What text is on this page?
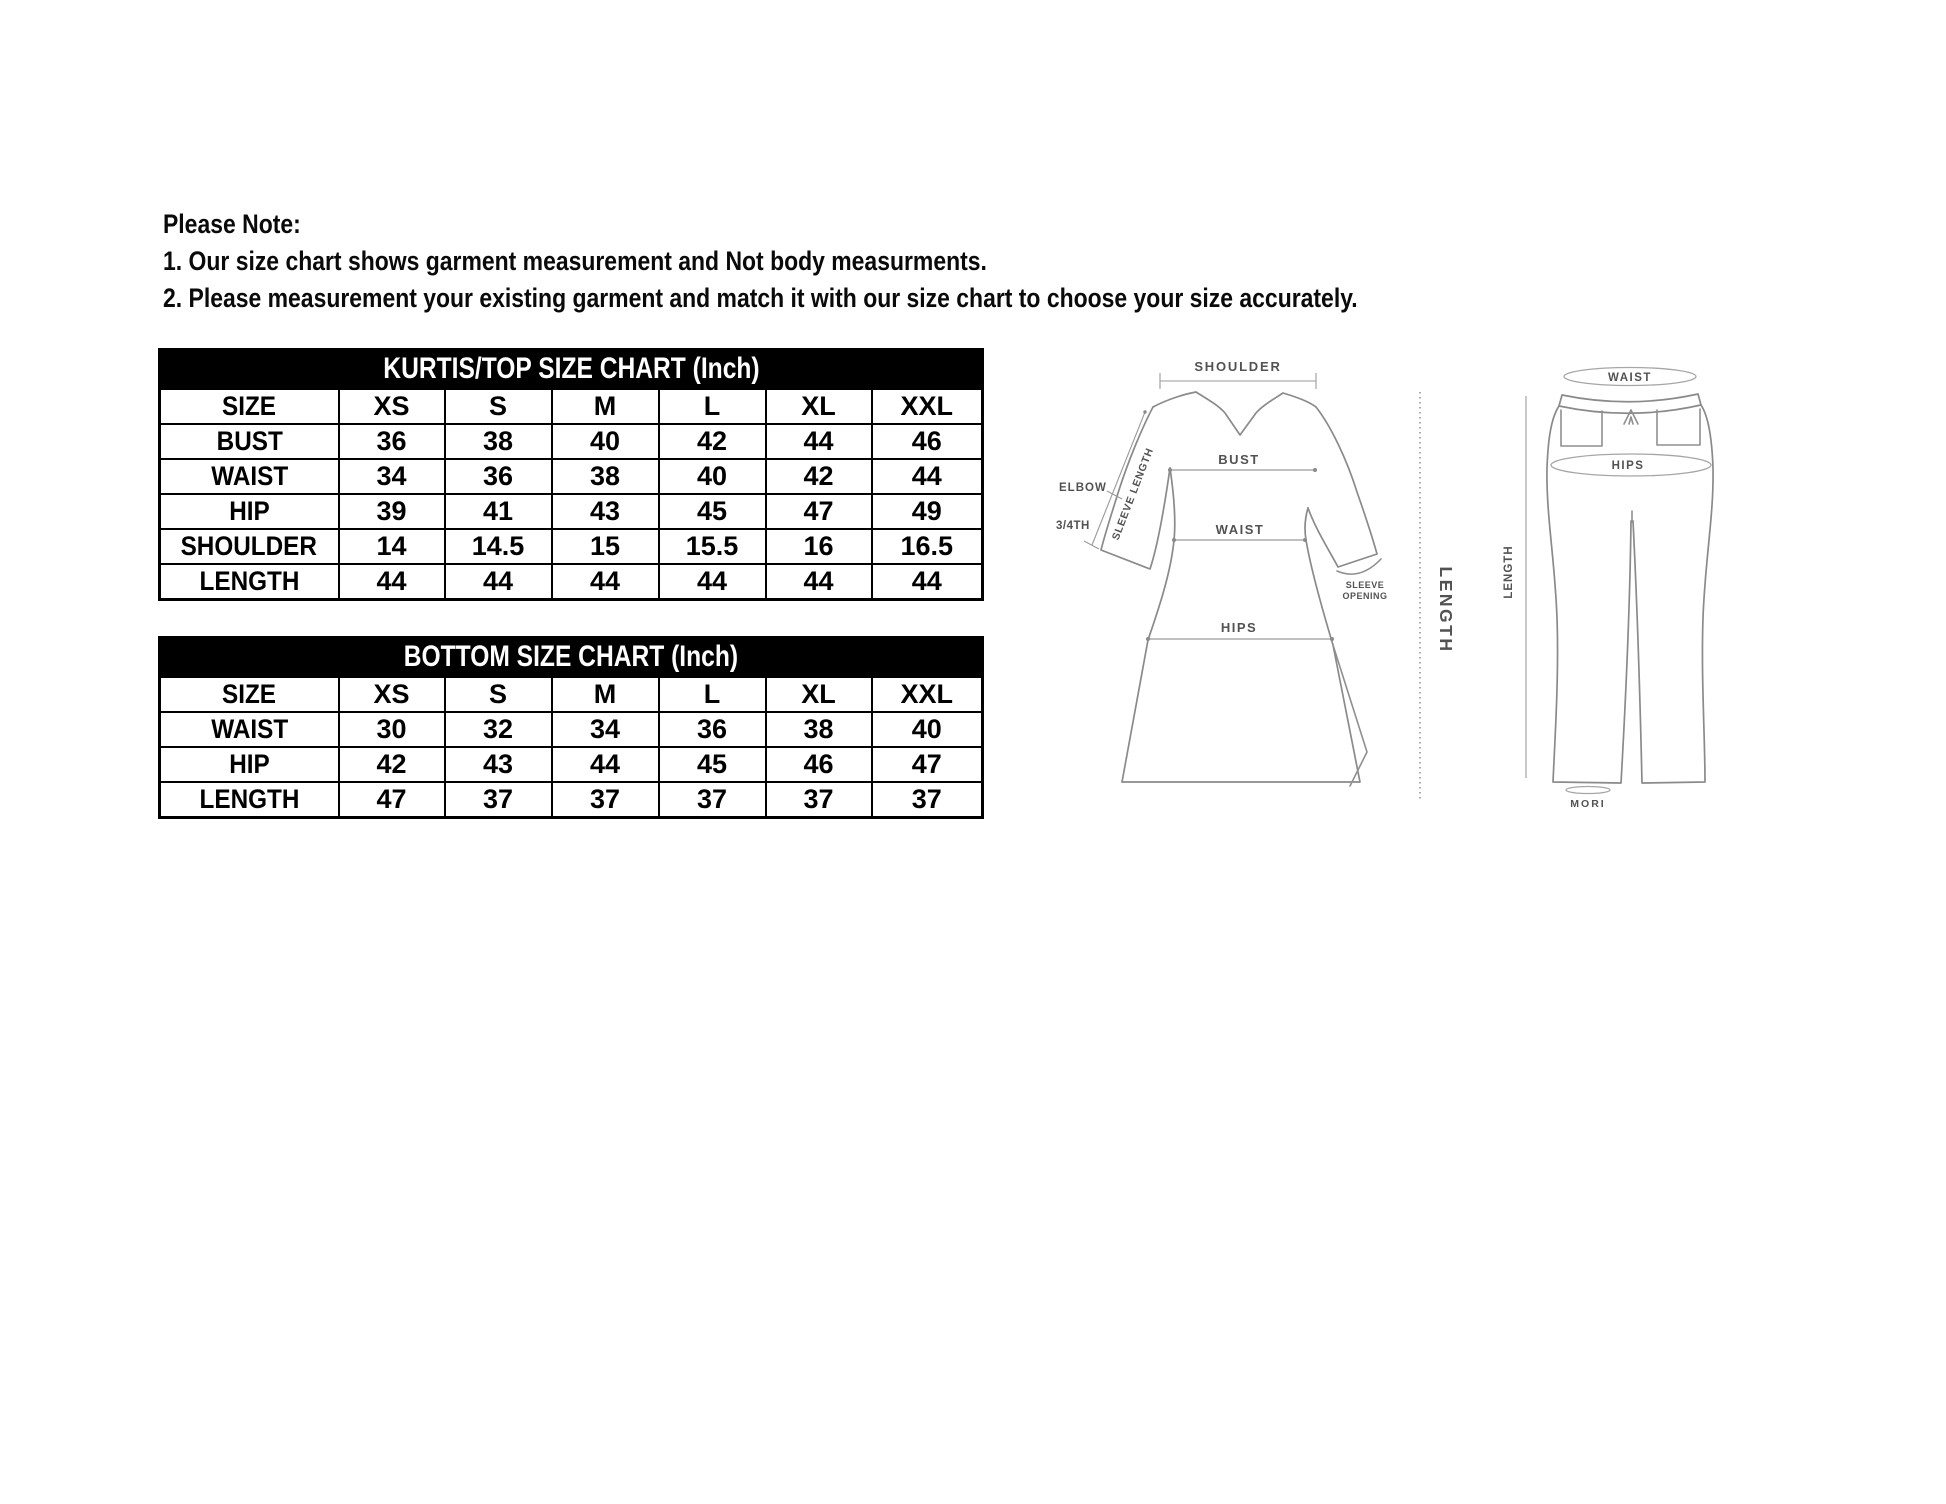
Please Note:
1. Our size chart shows garment measurement and Not body measurments.
2. Please measurement your existing garment and match it with our size chart to choose your size accurately.
KURTIS/TOP SIZE CHART (Inch)						
SIZE	XS	S	M	L	XL	XXL
BUST	36	38	40	42	44	46
WAIST	34	36	38	40	42	44
HIP	39	41	43	45	47	49
SHOULDER	14	14.5	15	15.5	16	16.5
LENGTH	44	44	44	44	44	44
BOTTOM SIZE CHART (Inch)						
SIZE	XS	S	M	L	XL	XXL
WAIST	30	32	34	36	38	40
HIP	42	43	44	45	46	47
LENGTH	47	37	37	37	37	37
SHOULDER
BUST
WAIST
HIPS
ELBOW
3/4TH SLEEVE LENGTH
SLEEVE
OPENING	LENGTH
WAIST
HIPS
LENGTH
MORI
